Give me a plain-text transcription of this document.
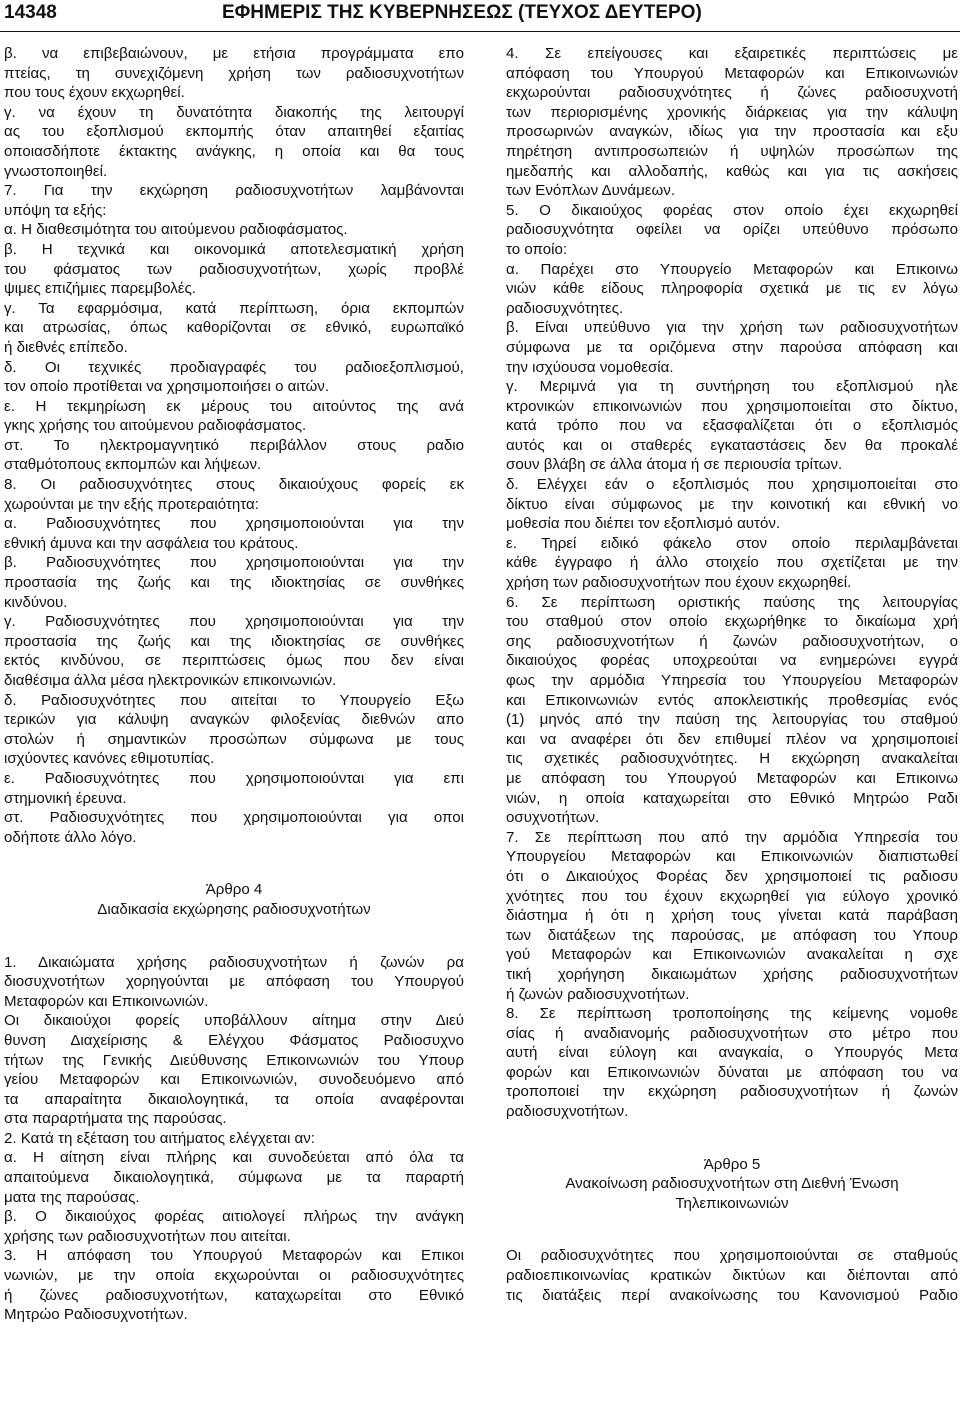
14348	ΕΦΗΜΕΡΙΣ ΤΗΣ ΚΥΒΕΡΝΗΣΕΩΣ (ΤΕΥΧΟΣ ΔΕΥΤΕΡΟ)
β. να επιβεβαιώνουν, με ετήσια προγράμματα επο
πτείας, τη συνεχιζόμενη χρήση των ραδιοσυχνοτήτων
που τους έχουν εκχωρηθεί.
γ. να έχουν τη δυνατότητα διακοπής της λειτουργί
ας του εξοπλισμού εκπομπής όταν απαιτηθεί εξαιτίας
οποιασδήποτε έκτακτης ανάγκης, η οποία και θα τους
γνωστοποιηθεί.
7. Για την εκχώρηση ραδιοσυχνοτήτων λαμβάνονται
υπόψη τα εξής:
α. Η διαθεσιμότητα του αιτούμενου ραδιοφάσματος.
β. Η τεχνικά και οικονομικά αποτελεσματική χρήση
του φάσματος των ραδιοσυχνοτήτων, χωρίς προβλέ
ψιμες επιζήμιες παρεμβολές.
γ. Τα εφαρμόσιμα, κατά περίπτωση, όρια εκπομπών
και ατρωσίας, όπως καθορίζονται σε εθνικό, ευρωπαϊκό
ή διεθνές επίπεδο.
δ. Οι τεχνικές προδιαγραφές του ραδιοεξοπλισμού,
τον οποίο προτίθεται να χρησιμοποιήσει ο αιτών.
ε. Η τεκμηρίωση εκ μέρους του αιτούντος της ανά
γκης χρήσης του αιτούμενου ραδιοφάσματος.
στ. Το ηλεκτρομαγνητικό περιβάλλον στους ραδιο
σταθμότοπους εκπομπών και λήψεων.
8. Οι ραδιοσυχνότητες στους δικαιούχους φορείς εκ
χωρούνται με την εξής προτεραιότητα:
α. Ραδιοσυχνότητες που χρησιμοποιούνται για την
εθνική άμυνα και την ασφάλεια του κράτους.
β. Ραδιοσυχνότητες που χρησιμοποιούνται για την
προστασία της ζωής και της ιδιοκτησίας σε συνθήκες
κινδύνου.
γ. Ραδιοσυχνότητες που χρησιμοποιούνται για την
προστασία της ζωής και της ιδιοκτησίας σε συνθήκες
εκτός κινδύνου, σε περιπτώσεις όμως που δεν είναι
διαθέσιμα άλλα μέσα ηλεκτρονικών επικοινωνιών.
δ. Ραδιοσυχνότητες που αιτείται το Υπουργείο Εξω
τερικών για κάλυψη αναγκών φιλοξενίας διεθνών απο
στολών ή σημαντικών προσώπων σύμφωνα με τους
ισχύοντες κανόνες εθιμοτυπίας.
ε. Ραδιοσυχνότητες που χρησιμοποιούνται για επι
στημονική έρευνα.
στ. Ραδιοσυχνότητες που χρησιμοποιούνται για οποι
οδήποτε άλλο λόγο.
Άρθρο 4
Διαδικασία εκχώρησης ραδιοσυχνοτήτων
1. Δικαιώματα χρήσης ραδιοσυχνοτήτων ή ζωνών ρα
διοσυχνοτήτων χορηγούνται με απόφαση του Υπουργού
Μεταφορών και Επικοινωνιών.
Οι δικαιούχοι φορείς υποβάλλουν αίτημα στην Διεύ
θυνση Διαχείρισης & Ελέγχου Φάσματος Ραδιοσυχνο
τήτων της Γενικής Διεύθυνσης Επικοινωνιών του Υπουρ
γείου Μεταφορών και Επικοινωνιών, συνοδευόμενο από
τα απαραίτητα δικαιολογητικά, τα οποία αναφέρονται
στα παραρτήματα της παρούσας.
2. Κατά τη εξέταση του αιτήματος ελέγχεται αν:
α. Η αίτηση είναι πλήρης και συνοδεύεται από όλα τα
απαιτούμενα δικαιολογητικά, σύμφωνα με τα παραρτή
ματα της παρούσας.
β. Ο δικαιούχος φορέας αιτιολογεί πλήρως την ανάγκη
χρήσης των ραδιοσυχνοτήτων που αιτείται.
3. Η απόφαση του Υπουργού Μεταφορών και Επικοι
νωνιών, με την οποία εκχωρούνται οι ραδιοσυχνότητες
ή ζώνες ραδιοσυχνοτήτων, καταχωρείται στο Εθνικό
Μητρώο Ραδιοσυχνοτήτων.
4. Σε επείγουσες και εξαιρετικές περιπτώσεις με
απόφαση του Υπουργού Μεταφορών και Επικοινωνιών
εκχωρούνται ραδιοσυχνότητες ή ζώνες ραδιοσυχνοτή
των περιορισμένης χρονικής διάρκειας για την κάλυψη
προσωρινών αναγκών, ιδίως για την προστασία και εξυ
πηρέτηση αντιπροσωπειών ή υψηλών προσώπων της
ημεδαπής και αλλοδαπής, καθώς και για τις ασκήσεις
των Ενόπλων Δυνάμεων.
5. Ο δικαιούχος φορέας στον οποίο έχει εκχωρηθεί
ραδιοσυχνότητα οφείλει να ορίζει υπεύθυνο πρόσωπο
το οποίο:
α. Παρέχει στο Υπουργείο Μεταφορών και Επικοινω
νιών κάθε είδους πληροφορία σχετικά με τις εν λόγω
ραδιοσυχνότητες.
β. Είναι υπεύθυνο για την χρήση των ραδιοσυχνοτήτων
σύμφωνα με τα οριζόμενα στην παρούσα απόφαση και
την ισχύουσα νομοθεσία.
γ. Μεριμνά για τη συντήρηση του εξοπλισμού ηλε
κτρονικών επικοινωνιών που χρησιμοποιείται στο δίκτυο,
κατά τρόπο που να εξασφαλίζεται ότι ο εξοπλισμός
αυτός και οι σταθερές εγκαταστάσεις δεν θα προκαλέ
σουν βλάβη σε άλλα άτομα ή σε περιουσία τρίτων.
δ. Ελέγχει εάν ο εξοπλισμός που χρησιμοποιείται στο
δίκτυο είναι σύμφωνος με την κοινοτική και εθνική νο
μοθεσία που διέπει τον εξοπλισμό αυτόν.
ε. Τηρεί ειδικό φάκελο στον οποίο περιλαμβάνεται
κάθε έγγραφο ή άλλο στοιχείο που σχετίζεται με την
χρήση των ραδιοσυχνοτήτων που έχουν εκχωρηθεί.
6. Σε περίπτωση οριστικής παύσης της λειτουργίας
του σταθμού στον οποίο εκχωρήθηκε το δικαίωμα χρή
σης ραδιοσυχνοτήτων ή ζωνών ραδιοσυχνοτήτων, ο
δικαιούχος φορέας υποχρεούται να ενημερώνει εγγρά
φως την αρμόδια Υπηρεσία του Υπουργείου Μεταφορών
και Επικοινωνιών εντός αποκλειστικής προθεσμίας ενός
(1) μηνός από την παύση της λειτουργίας του σταθμού
και να αναφέρει ότι δεν επιθυμεί πλέον να χρησιμοποιεί
τις σχετικές ραδιοσυχνότητες. Η εκχώρηση ανακαλείται
με απόφαση του Υπουργού Μεταφορών και Επικοινω
νιών, η οποία καταχωρείται στο Εθνικό Μητρώο Ραδι
οσυχνοτήτων.
7. Σε περίπτωση που από την αρμόδια Υπηρεσία του
Υπουργείου Μεταφορών και Επικοινωνιών διαπιστωθεί
ότι ο Δικαιούχος Φορέας δεν χρησιμοποιεί τις ραδιοσυ
χνότητες που του έχουν εκχωρηθεί για εύλογο χρονικό
διάστημα ή ότι η χρήση τους γίνεται κατά παράβαση
των διατάξεων της παρούσας, με απόφαση του Υπουρ
γού Μεταφορών και Επικοινωνιών ανακαλείται η σχε
τική χορήγηση δικαιωμάτων χρήσης ραδιοσυχνοτήτων
ή ζωνών ραδιοσυχνοτήτων.
8. Σε περίπτωση τροποποίησης της κείμενης νομοθε
σίας ή αναδιανομής ραδιοσυχνοτήτων στο μέτρο που
αυτή είναι εύλογη και αναγκαία, ο Υπουργός Μετα
φορών και Επικοινωνιών δύναται με απόφαση του να
τροποποιεί την εκχώρηση ραδιοσυχνοτήτων ή ζωνών
ραδιοσυχνοτήτων.
Άρθρο 5
Ανακοίνωση ραδιοσυχνοτήτων στη Διεθνή Ένωση
Τηλεπικοινωνιών
Οι ραδιοσυχνότητες που χρησιμοποιούνται σε σταθμούς
ραδιοεπικοινωνίας κρατικών δικτύων και διέπονται από
τις διατάξεις περί ανακοίνωσης του Κανονισμού Ραδιο
